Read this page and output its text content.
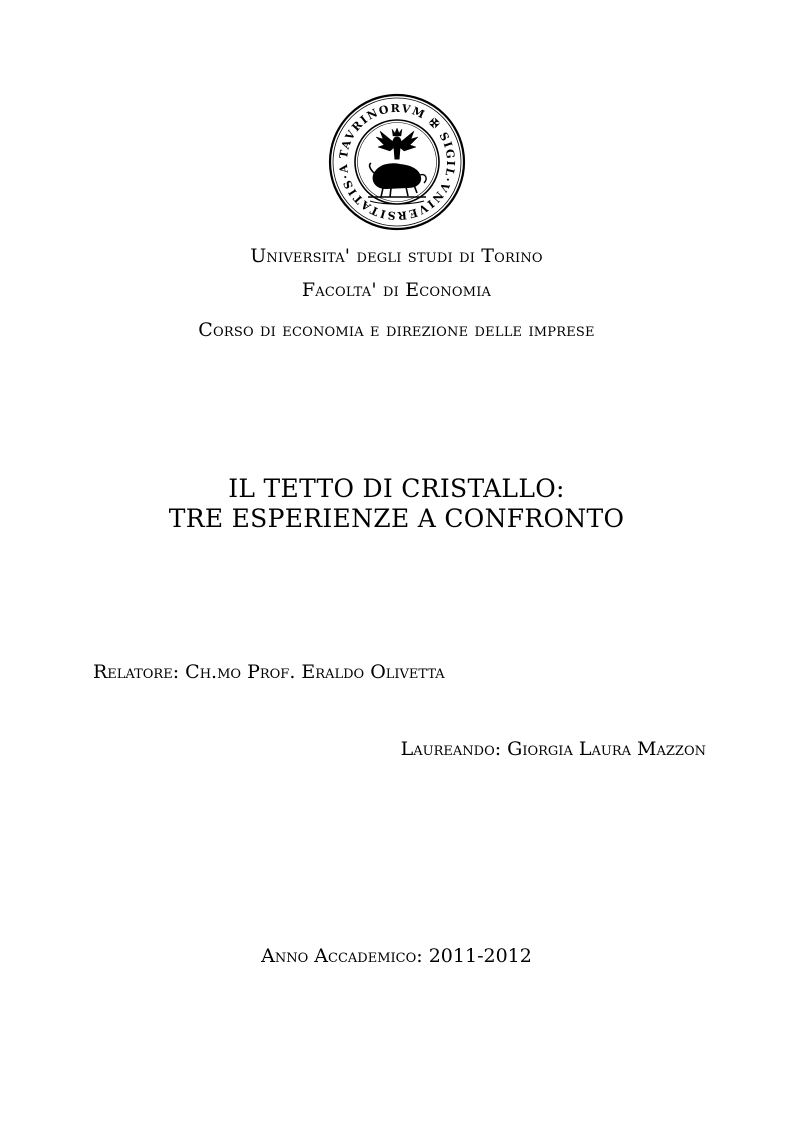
TAVRINORVM ✠ SIGIL·VNIVERSITATIS·A
Universita' degli studi di Torino
Facolta' di Economia
Corso di economia e direzione delle imprese
IL TETTO DI CRISTALLO:
TRE ESPERIENZE A CONFRONTO
Relatore: Ch.mo Prof. Eraldo Olivetta
Laureando: Giorgia Laura Mazzon
Anno Accademico: 2011-2012
